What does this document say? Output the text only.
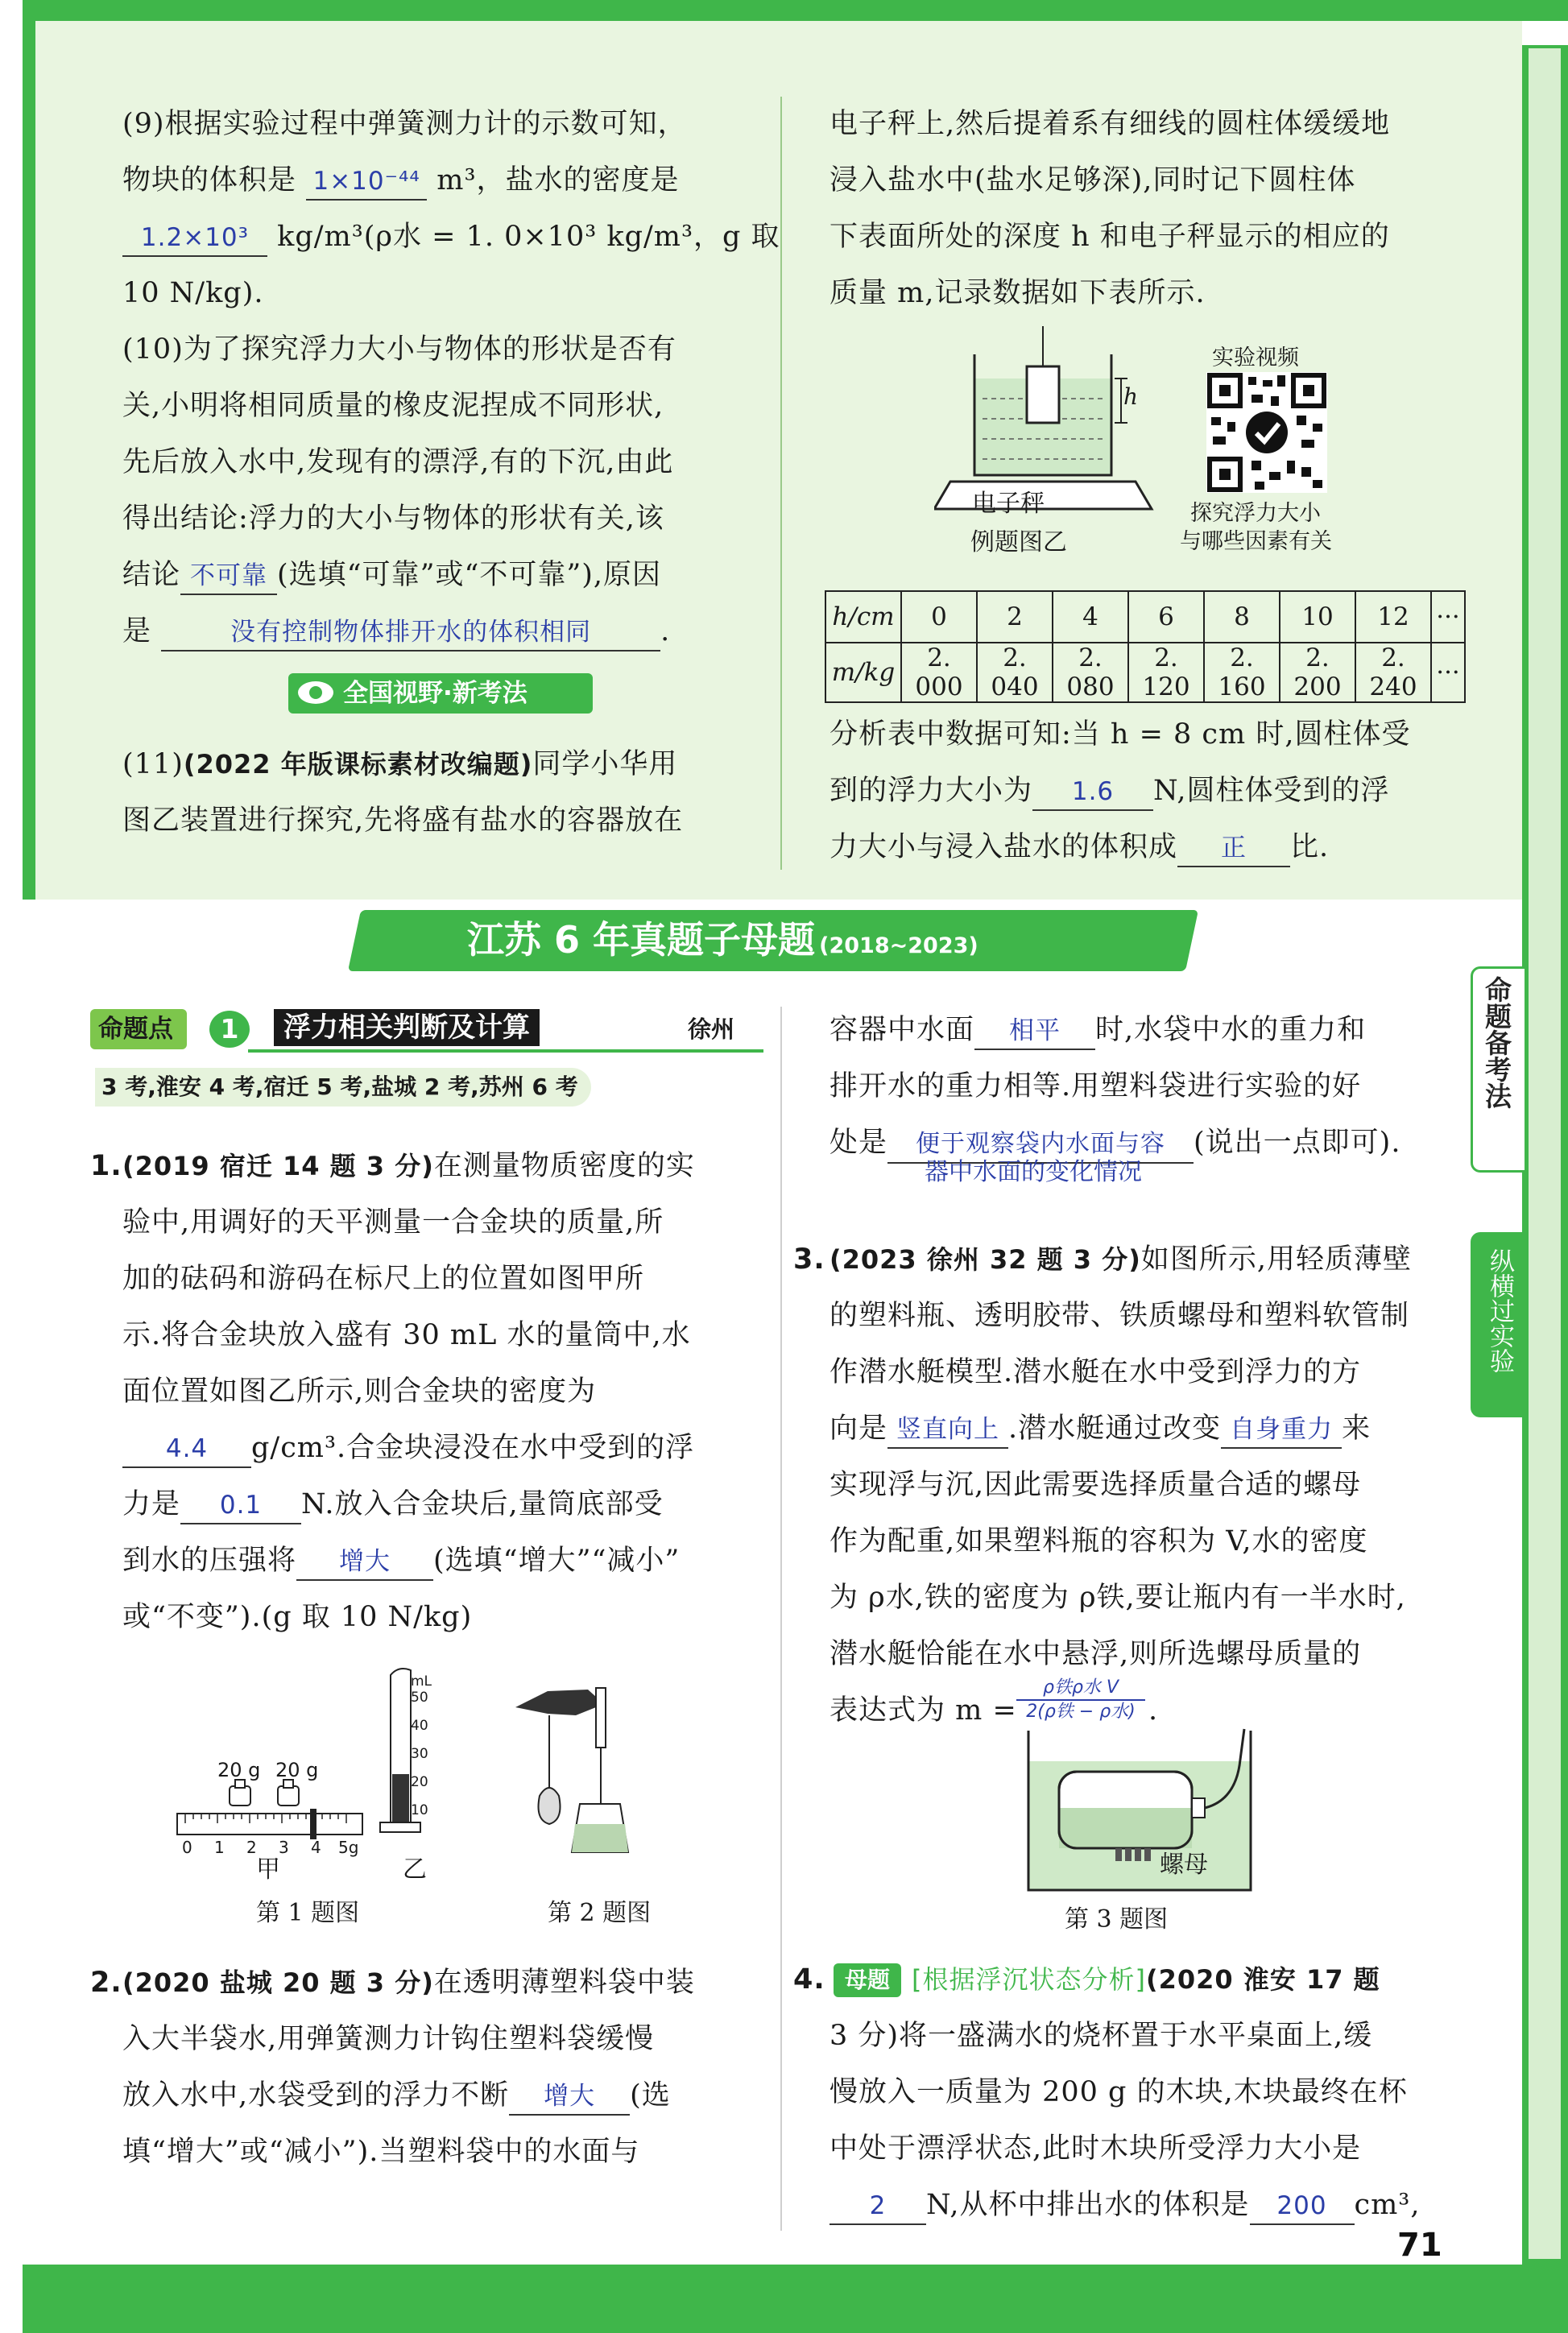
命题备考法
纵横过实验
(9)根据实验过程中弹簧测力计的示数可知，
物块的体积是 1×10⁻⁴⁴ m³，盐水的密度是
1.2×10³ kg/m³(ρ水 = 1. 0×10³ kg/m³，g 取
10 N/kg).
(10)为了探究浮力大小与物体的形状是否有
关,小明将相同质量的橡皮泥捏成不同形状,
先后放入水中,发现有的漂浮,有的下沉,由此
得出结论:浮力的大小与物体的形状有关,该
结论 不可靠 (选填“可靠”或“不可靠”),原因
是	没有控制物体排开水的体积相同 .
全国视野·新考法
(11)(2022 年版课标素材改编题)同学小华用
图乙装置进行探究,先将盛有盐水的容器放在
电子秤上,然后提着系有细线的圆柱体缓缓地
浸入盐水中(盐水足够深),同时记下圆柱体
下表面所处的深度 h 和电子秤显示的相应的
质量 m,记录数据如下表所示.
h
电子秤
例题图乙
实验视频
探究浮力大小
与哪些因素有关
h/cm	0	2	4	6	8	10	12	···
m/kg	2. 000	2. 040	2. 080	2. 120	2. 160	2. 200	2. 240	···
分析表中数据可知:当 h = 8 cm 时,圆柱体受
到的浮力大小为 1.6 N,圆柱体受到的浮
力大小与浸入盐水的体积成 正 比.
江苏 6 年真题子母题 (2018~2023)
命题点	1	浮力相关判断及计算	徐州
3 考,淮安 4 考,宿迁 5 考,盐城 2 考,苏州 6 考
1. (2019 宿迁 14 题 3 分)在测量物质密度的实
验中,用调好的天平测量一合金块的质量,所
加的砝码和游码在标尺上的位置如图甲所
示.将合金块放入盛有 30 mL 水的量筒中,水
面位置如图乙所示,则合金块的密度为
4.4 g/cm³.合金块浸没在水中受到的浮
力是 0.1 N.放入合金块后,量筒底部受
到水的压强将 增大 (选填“增大”“减小”
或“不变”).(g 取 10 N/kg)
20 g 20 g
0 1 2 3 4 5g
mL
50
40
30
20
10
甲	乙
第 1 题图	第 2 题图
2. (2020 盐城 20 题 3 分)在透明薄塑料袋中装
入大半袋水,用弹簧测力计钩住塑料袋缓慢
放入水中,水袋受到的浮力不断 增大 (选
填“增大”或“减小”).当塑料袋中的水面与
容器中水面 相平 时,水袋中水的重力和
排开水的重力相等.用塑料袋进行实验的好
处是 便于观察袋内水面与容 (说出一点即可).
器中水面的变化情况
3. (2023 徐州 32 题 3 分)如图所示,用轻质薄壁
的塑料瓶、透明胶带、铁质螺母和塑料软管制
作潜水艇模型.潜水艇在水中受到浮力的方
向是 竖直向上 .潜水艇通过改变 自身重力 来
实现浮与沉,因此需要选择质量合适的螺母
作为配重,如果塑料瓶的容积为 V,水的密度
为 ρ水,铁的密度为 ρ铁,要让瓶内有一半水时,
潜水艇恰能在水中悬浮,则所选螺母质量的
表达式为 m =
ρ铁ρ水 V
2(ρ铁 − ρ水) .
螺母
第 3 题图
4. 母题 [根据浮沉状态分析](2020 淮安 17 题
3 分)将一盛满水的烧杯置于水平桌面上,缓
慢放入一质量为 200 g 的木块,木块最终在杯
中处于漂浮状态,此时木块所受浮力大小是
2 N,从杯中排出水的体积是 200 cm³,
71
